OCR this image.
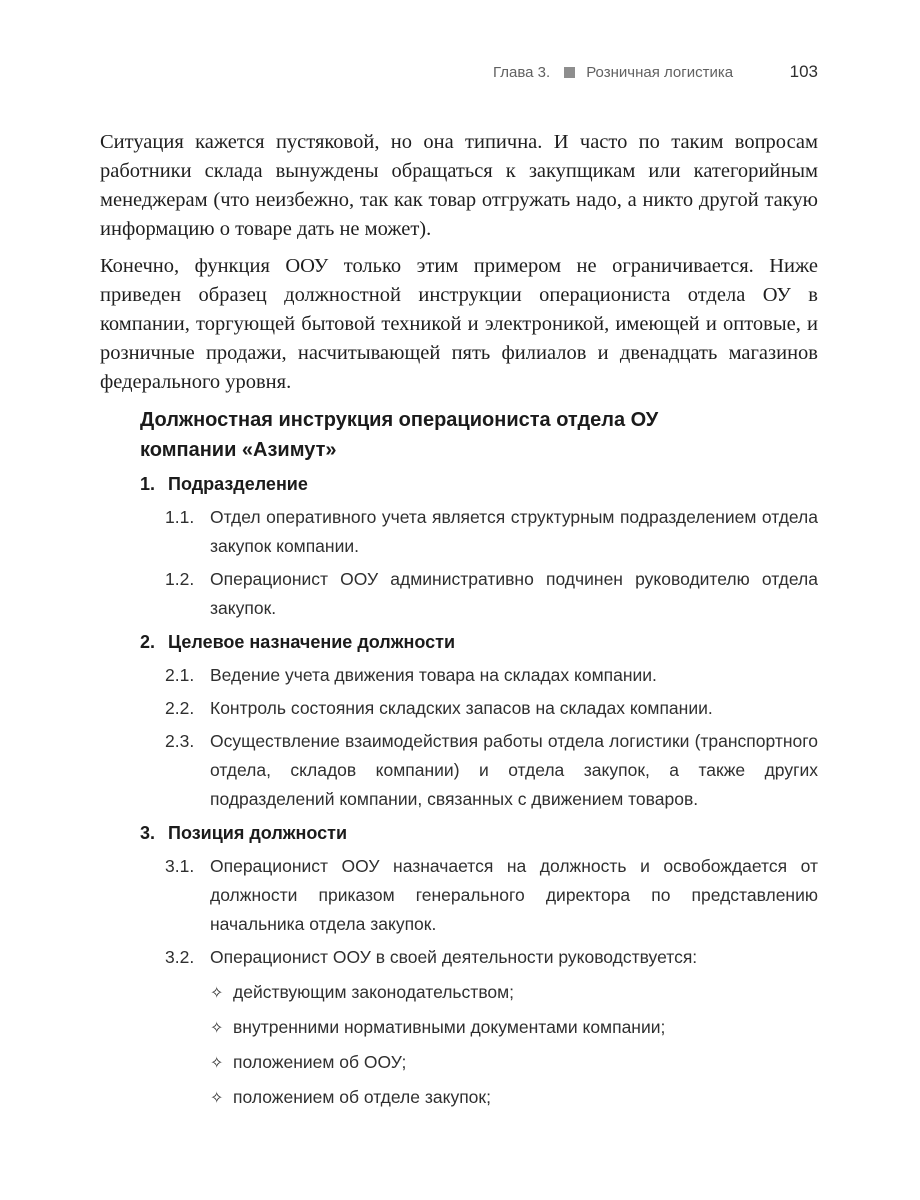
Глава 3. Розничная логистика	103

Ситуация кажется пустяковой, но она типична. И часто по таким вопросам работники склада вынуждены обращаться к закупщикам или категорийным менеджерам (что неизбежно, так как товар отгружать надо, а никто другой такую информацию о товаре дать не может).

Конечно, функция ООУ только этим примером не ограничивается. Ниже приведен образец должностной инструкции операциониста отдела ОУ в компании, торгующей бытовой техникой и электроникой, имеющей и оптовые, и розничные продажи, насчитывающей пять филиалов и двенадцать магазинов федерального уровня.

Должностная инструкция операциониста отдела ОУ компании «Азимут»
1. Подразделение
1.1. Отдел оперативного учета является структурным подразделением отдела закупок компании.
1.2. Операционист ООУ административно подчинен руководителю отдела закупок.
2. Целевое назначение должности
2.1. Ведение учета движения товара на складах компании.
2.2. Контроль состояния складских запасов на складах компании.
2.3. Осуществление взаимодействия работы отдела логистики (транспортного отдела, складов компании) и отдела закупок, а также других подразделений компании, связанных с движением товаров.
3. Позиция должности
3.1. Операционист ООУ назначается на должность и освобождается от должности приказом генерального директора по представлению начальника отдела закупок.
3.2. Операционист ООУ в своей деятельности руководствуется:
✧ действующим законодательством;
✧ внутренними нормативными документами компании;
✧ положением об ООУ;
✧ положением об отделе закупок;
